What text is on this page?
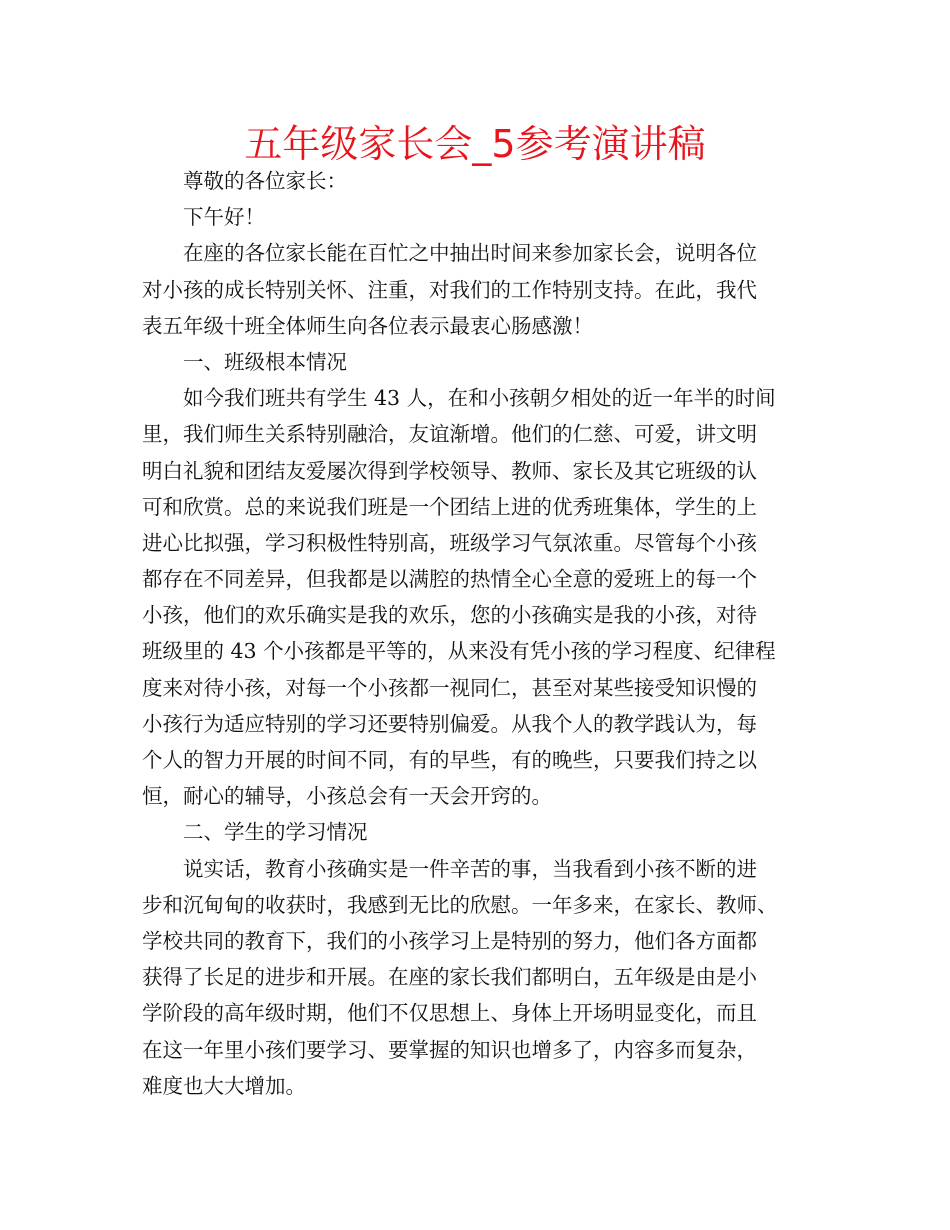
五年级家长会_5参考演讲稿
尊敬的各位家长：
下午好！
在座的各位家长能在百忙之中抽出时间来参加家长会，说明各位
对小孩的成长特别关怀、注重，对我们的工作特别支持。在此，我代
表五年级十班全体师生向各位表示最衷心肠感激！
一、班级根本情况
如今我们班共有学生 43 人，在和小孩朝夕相处的近一年半的时间
里，我们师生关系特别融洽，友谊渐增。他们的仁慈、可爱，讲文明
明白礼貌和团结友爱屡次得到学校领导、教师、家长及其它班级的认
可和欣赏。总的来说我们班是一个团结上进的优秀班集体，学生的上
进心比拟强，学习积极性特别高，班级学习气氛浓重。尽管每个小孩
都存在不同差异，但我都是以满腔的热情全心全意的爱班上的每一个
小孩，他们的欢乐确实是我的欢乐，您的小孩确实是我的小孩，对待
班级里的 43 个小孩都是平等的，从来没有凭小孩的学习程度、纪律程
度来对待小孩，对每一个小孩都一视同仁，甚至对某些接受知识慢的
小孩行为适应特别的学习还要特别偏爱。从我个人的教学践认为，每
个人的智力开展的时间不同，有的早些，有的晚些，只要我们持之以
恒，耐心的辅导，小孩总会有一天会开窍的。
二、学生的学习情况
说实话，教育小孩确实是一件辛苦的事，当我看到小孩不断的进
步和沉甸甸的收获时，我感到无比的欣慰。一年多来，在家长、教师、
学校共同的教育下，我们的小孩学习上是特别的努力，他们各方面都
获得了长足的进步和开展。在座的家长我们都明白，五年级是由是小
学阶段的高年级时期，他们不仅思想上、身体上开场明显变化，而且
在这一年里小孩们要学习、要掌握的知识也增多了，内容多而复杂，
难度也大大增加。
